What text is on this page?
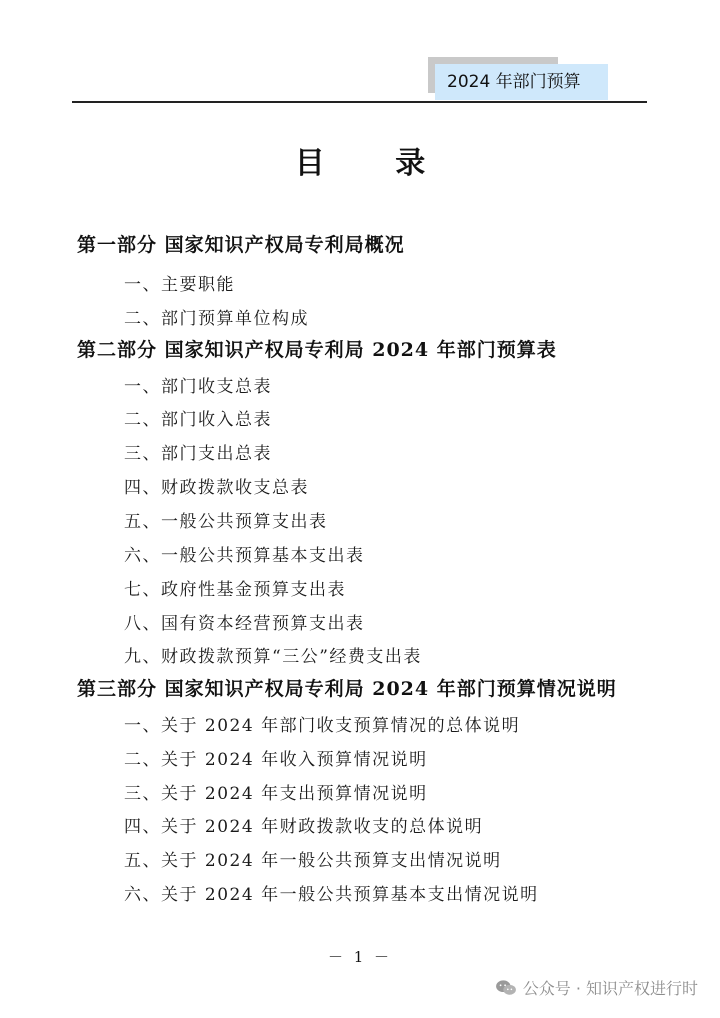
2024 年部门预算
目 录
第一部分 国家知识产权局专利局概况
一、主要职能
二、部门预算单位构成
第二部分 国家知识产权局专利局 2024 年部门预算表
一、部门收支总表
二、部门收入总表
三、部门支出总表
四、财政拨款收支总表
五、一般公共预算支出表
六、一般公共预算基本支出表
七、政府性基金预算支出表
八、国有资本经营预算支出表
九、财政拨款预算“三公”经费支出表
第三部分 国家知识产权局专利局 2024 年部门预算情况说明
一、关于 2024 年部门收支预算情况的总体说明
二、关于 2024 年收入预算情况说明
三、关于 2024 年支出预算情况说明
四、关于 2024 年财政拨款收支的总体说明
五、关于 2024 年一般公共预算支出情况说明
六、关于 2024 年一般公共预算基本支出情况说明
－ 1 －
公众号 · 知识产权进行时
